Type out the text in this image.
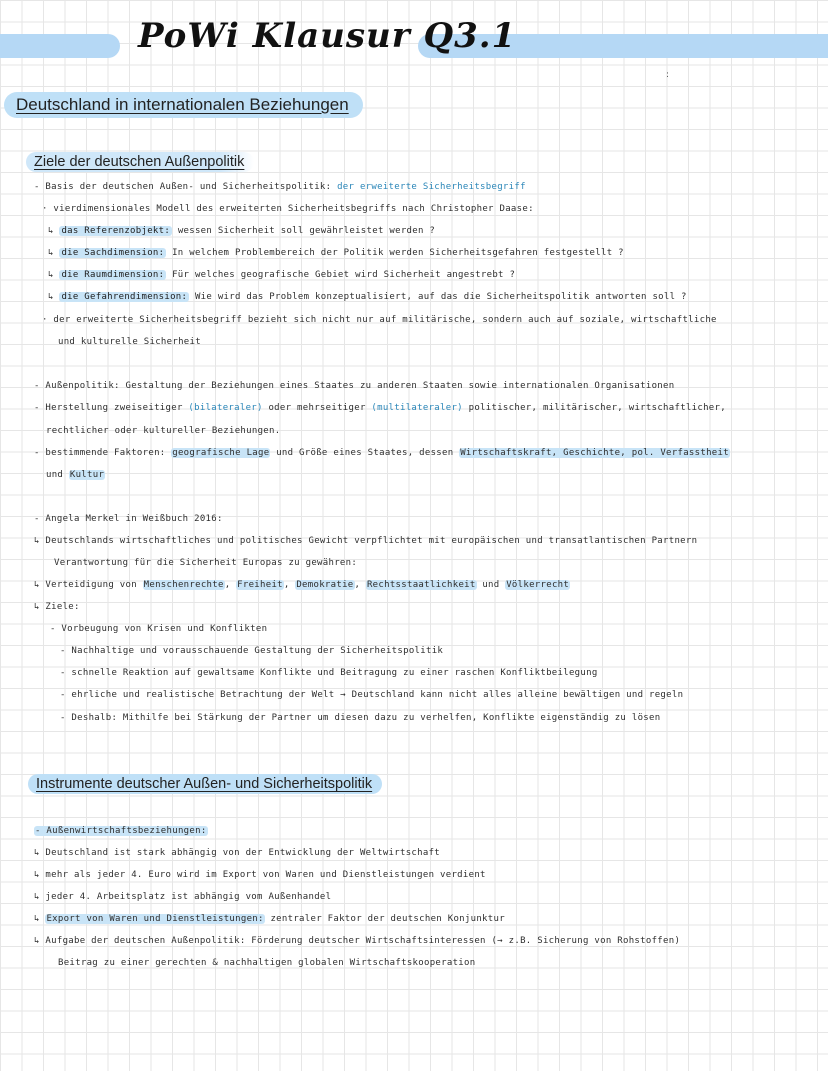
PoWi Klausur Q3.1
:
Deutschland in internationalen Beziehungen
Ziele der deutschen Außenpolitik

- Basis der deutschen Außen- und Sicherheitspolitik: der erweiterte Sicherheitsbegriff

· vierdimensionales Modell des erweiterten Sicherheitsbegriffs nach Christopher Daase:

↳ das Referenzobjekt: wessen Sicherheit soll gewährleistet werden ?

↳ die Sachdimension: In welchem Problembereich der Politik werden Sicherheitsgefahren festgestellt ?

↳ die Raumdimension: Für welches geografische Gebiet wird Sicherheit angestrebt ?

↳ die Gefahrendimension: Wie wird das Problem konzeptualisiert, auf das die Sicherheitspolitik antworten soll ?

· der erweiterte Sicherheitsbegriff bezieht sich nicht nur auf militärische, sondern auch auf soziale, wirtschaftliche

und kulturelle Sicherheit

- Außenpolitik: Gestaltung der Beziehungen eines Staates zu anderen Staaten sowie internationalen Organisationen

- Herstellung zweiseitiger (bilateraler) oder mehrseitiger (multilateraler) politischer, militärischer, wirtschaftlicher,

rechtlicher oder kultureller Beziehungen.

- bestimmende Faktoren: geografische Lage und Größe eines Staates, dessen Wirtschaftskraft, Geschichte, pol. Verfasstheit

und Kultur

- Angela Merkel in Weißbuch 2016:

↳ Deutschlands wirtschaftliches und politisches Gewicht verpflichtet mit europäischen und transatlantischen Partnern

Verantwortung für die Sicherheit Europas zu gewähren:

↳ Verteidigung von Menschenrechte, Freiheit, Demokratie, Rechtsstaatlichkeit und Völkerrecht

↳ Ziele:

- Vorbeugung von Krisen und Konflikten

- Nachhaltige und vorausschauende Gestaltung der Sicherheitspolitik

- schnelle Reaktion auf gewaltsame Konflikte und Beitragung zu einer raschen Konfliktbeilegung

- ehrliche und realistische Betrachtung der Welt → Deutschland kann nicht alles alleine bewältigen und regeln

- Deshalb: Mithilfe bei Stärkung der Partner um diesen dazu zu verhelfen, Konflikte eigenständig zu lösen

Instrumente deutscher Außen- und Sicherheitspolitik

- Außenwirtschaftsbeziehungen:

↳ Deutschland ist stark abhängig von der Entwicklung der Weltwirtschaft

↳ mehr als jeder 4. Euro wird im Export von Waren und Dienstleistungen verdient

↳ jeder 4. Arbeitsplatz ist abhängig vom Außenhandel

↳ Export von Waren und Dienstleistungen: zentraler Faktor der deutschen Konjunktur

↳ Aufgabe der deutschen Außenpolitik: Förderung deutscher Wirtschaftsinteressen (→ z.B. Sicherung von Rohstoffen)

Beitrag zu einer gerechten & nachhaltigen globalen Wirtschaftskooperation
